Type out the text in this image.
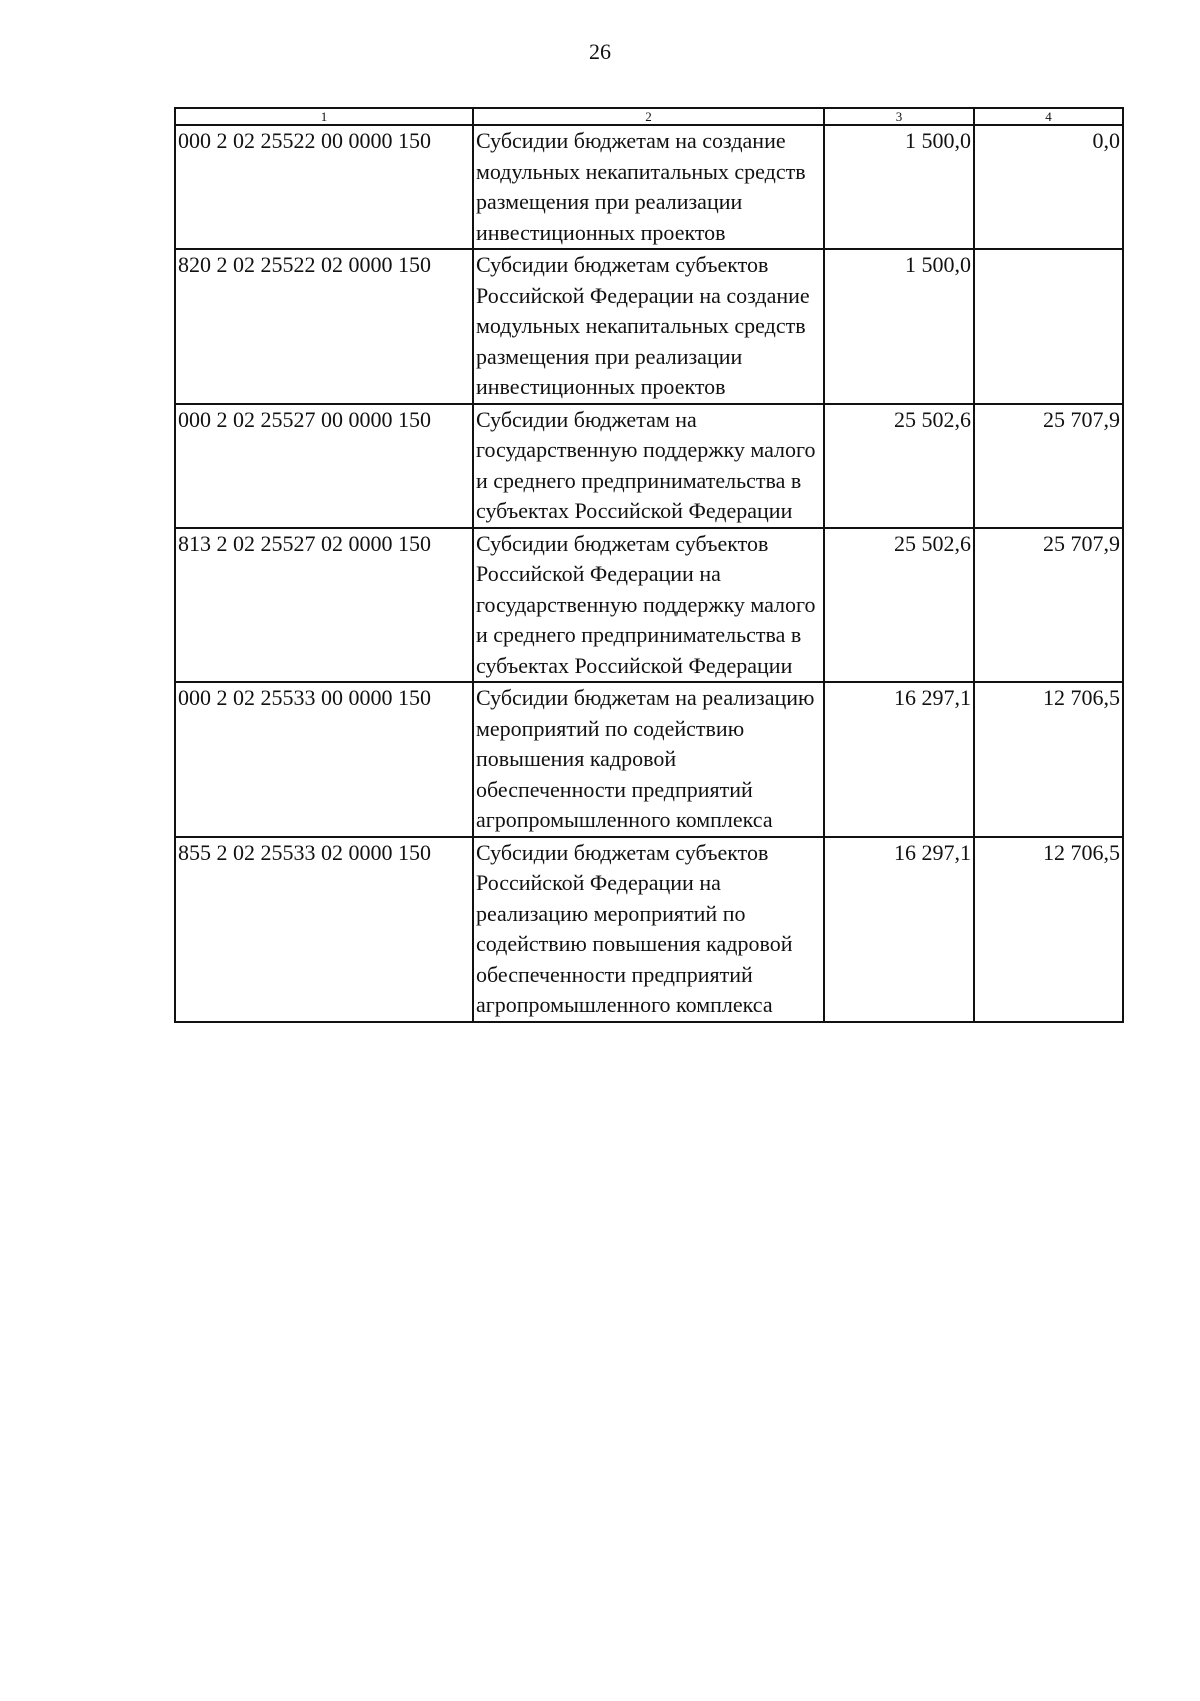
26
1	2	3	4
000 2 02 25522 00 0000 150	Субсидии бюджетам на создание модульных некапитальных средств размещения при реализации инвестиционных проектов	1 500,0	0,0
820 2 02 25522 02 0000 150	Субсидии бюджетам субъектов Российской Федерации на создание модульных некапитальных средств размещения при реализации инвестиционных проектов	1 500,0	
000 2 02 25527 00 0000 150	Субсидии бюджетам на государственную поддержку малого и среднего предпринимательства в субъектах Российской Федерации	25 502,6	25 707,9
813 2 02 25527 02 0000 150	Субсидии бюджетам субъектов Российской Федерации на государственную поддержку малого и среднего предпринимательства в субъектах Российской Федерации	25 502,6	25 707,9
000 2 02 25533 00 0000 150	Субсидии бюджетам на реализацию мероприятий по содействию повышения кадровой обеспеченности предприятий агропромышленного комплекса	16 297,1	12 706,5
855 2 02 25533 02 0000 150	Субсидии бюджетам субъектов Российской Федерации на реализацию мероприятий по содействию повышения кадровой обеспеченности предприятий агропромышленного комплекса	16 297,1	12 706,5
